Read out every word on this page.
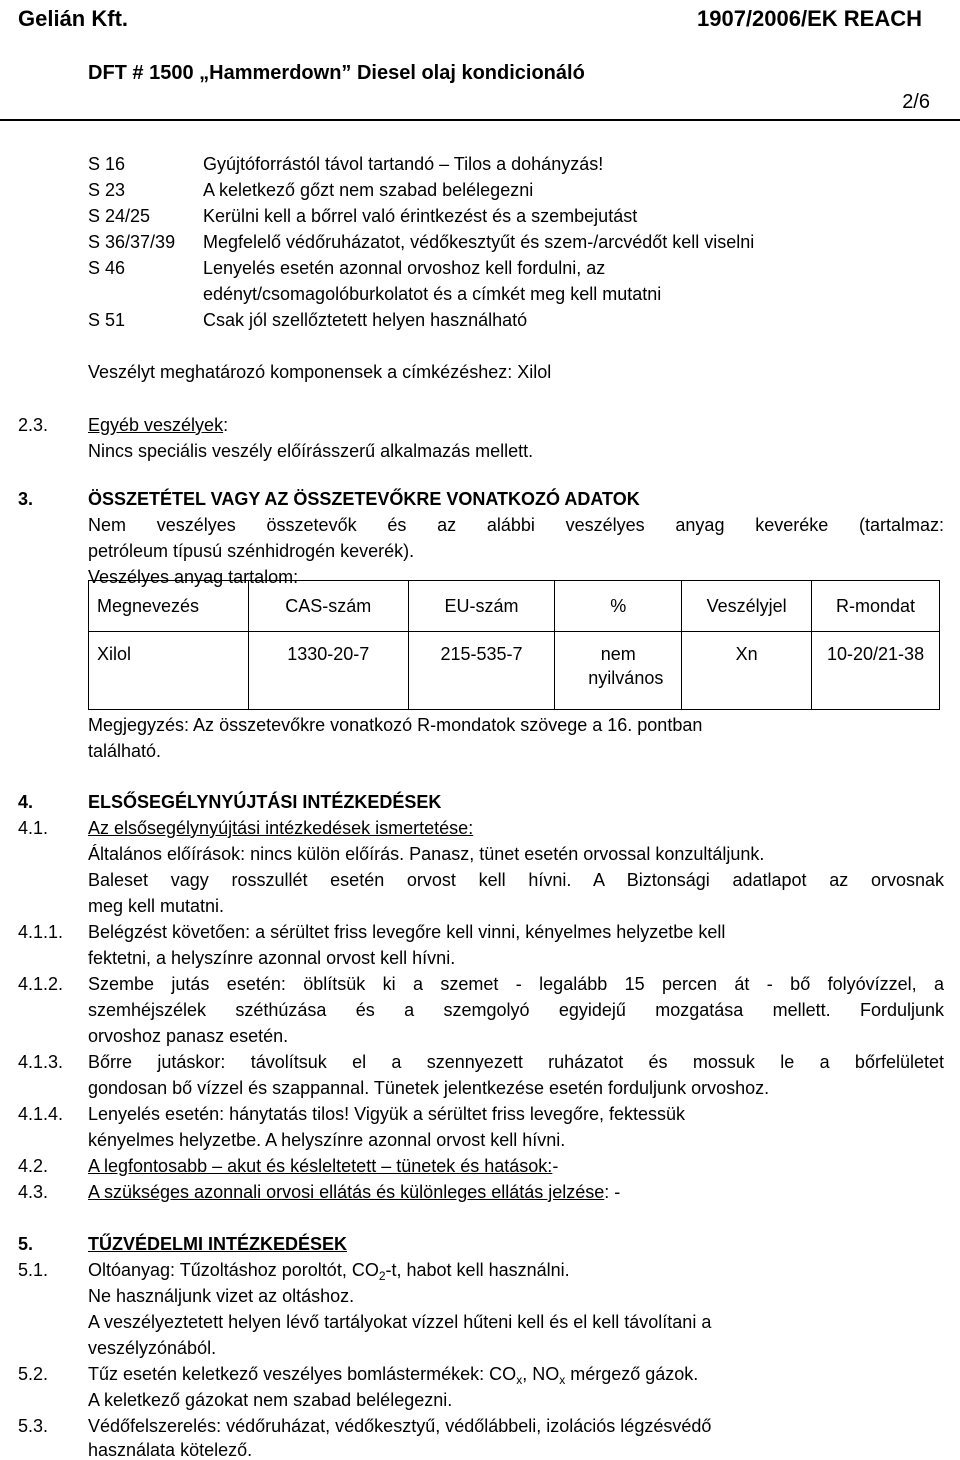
Gelián Kft.	1907/2006/EK REACH
DFT # 1500 „Hammerdown” Diesel olaj kondicionáló
2/6
S 16	Gyújtóforrástól távol tartandó – Tilos a dohányzás!
S 23	A keletkező gőzt nem szabad belélegezni
S 24/25	Kerülni kell a bőrrel való érintkezést és a szembejutást
S 36/37/39 Megfelelő védőruházatot, védőkesztyűt és szem-/arcvédőt kell viselni
S 46	Lenyelés esetén azonnal orvoshoz kell fordulni, az
edényt/csomagolóburkolatot és a címkét meg kell mutatni
S 51	Csak jól szellőztetett helyen használható
Veszélyt meghatározó komponensek a címkézéshez: Xilol
2.3. Egyéb veszélyek:
Nincs speciális veszély előírásszerű alkalmazás mellett.
3.	ÖSSZETÉTEL VAGY AZ ÖSSZETEVŐKRE VONATKOZÓ ADATOK
Nem veszélyes összetevők és az alábbi veszélyes anyag keveréke (tartalmaz:
petróleum típusú szénhidrogén keverék).
Veszélyes anyag tartalom:
Megnevezés	CAS-szám	EU-szám	%	Veszélyjel	R-mondat

Xilol	1330-20-7	215-535-7	nem nyilvános	Xn	10-20/21-38
Megjegyzés: Az összetevőkre vonatkozó R-mondatok szövege a 16. pontban
található.
4.	ELSŐSEGÉLYNYÚJTÁSI INTÉZKEDÉSEK
4.1. Az elsősegélynyújtási intézkedések ismertetése:
Általános előírások: nincs külön előírás. Panasz, tünet esetén orvossal konzultáljunk.
Baleset vagy rosszullét esetén orvost kell hívni. A Biztonsági adatlapot az orvosnak
meg kell mutatni.
4.1.1. Belégzést követően: a sérültet friss levegőre kell vinni, kényelmes helyzetbe kell
fektetni, a helyszínre azonnal orvost kell hívni.
4.1.2. Szembe jutás esetén: öblítsük ki a szemet - legalább 15 percen át - bő folyóvízzel, a
szemhéjszélek széthúzása és a szemgolyó egyidejű mozgatása mellett. Forduljunk
orvoshoz panasz esetén.
4.1.3. Bőrre jutáskor: távolítsuk el a szennyezett ruházatot és mossuk le a bőrfelületet
gondosan bő vízzel és szappannal. Tünetek jelentkezése esetén forduljunk orvoshoz.
4.1.4. Lenyelés esetén: hánytatás tilos! Vigyük a sérültet friss levegőre, fektessük
kényelmes helyzetbe. A helyszínre azonnal orvost kell hívni.
4.2. A legfontosabb – akut és késleltetett – tünetek és hatások:-
4.3. A szükséges azonnali orvosi ellátás és különleges ellátás jelzése: -
5.	TŰZVÉDELMI INTÉZKEDÉSEK
5.1. Oltóanyag: Tűzoltáshoz poroltót, $CO_2-t$, habot kell használni.
Ne használjunk vizet az oltáshoz.
A veszélyeztetett helyen lévő tartályokat vízzel hűteni kell és el kell távolítani a
veszélyzónából.
5.2. Tűz esetén keletkező veszélyes bomlástermékek: $CO_x$, $NO_x$ mérgező gázok.
A keletkező gázokat nem szabad belélegezni.
5.3. Védőfelszerelés: védőruházat, védőkesztyű, védőlábbeli, izolációs légzésvédő
használata kötelező.
